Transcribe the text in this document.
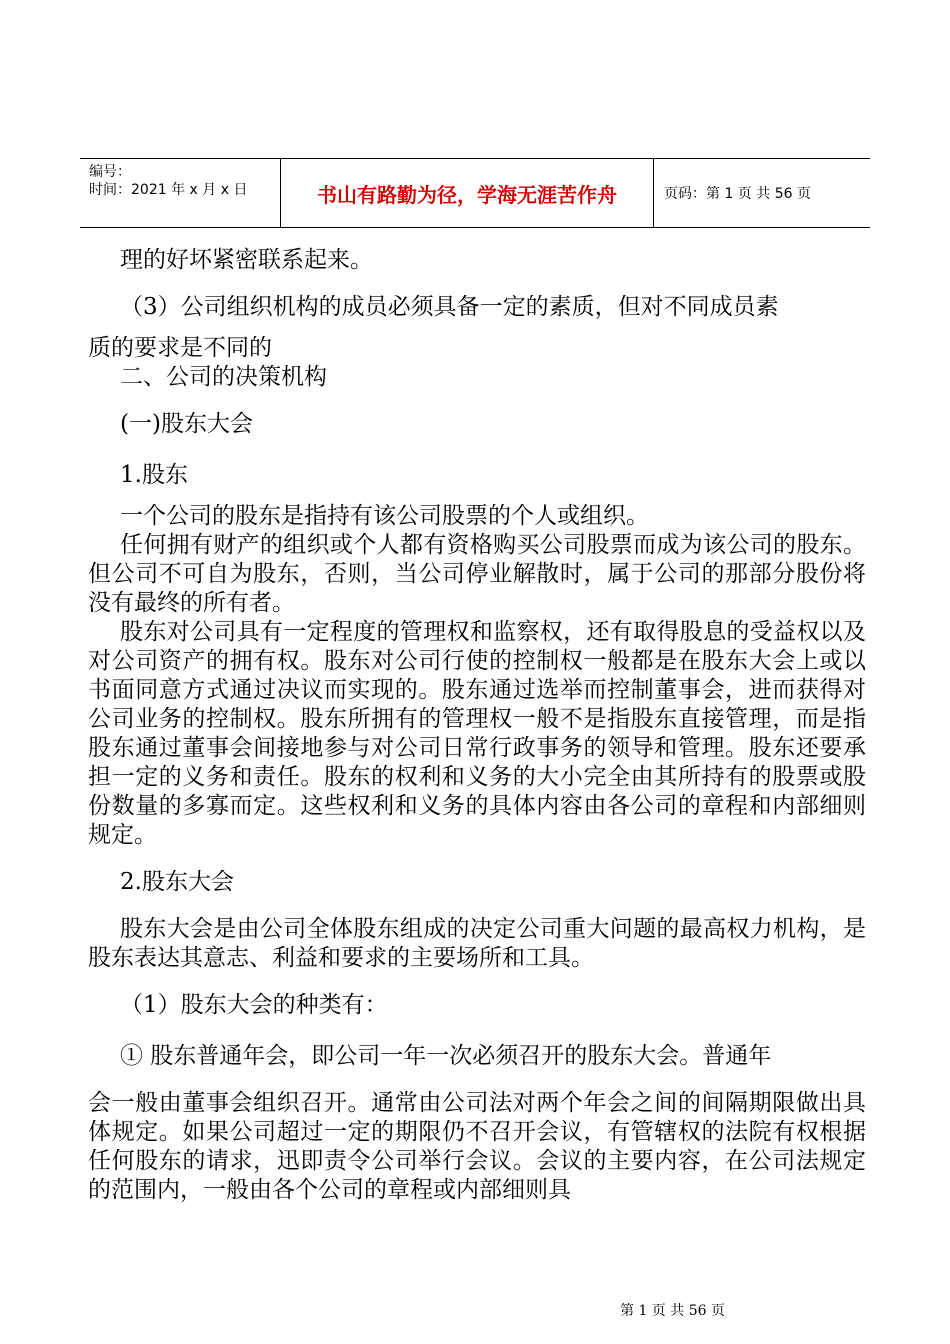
编号：
时间：2021 年 x 月 x 日	书山有路勤为径，学海无涯苦作舟	页码：第 1 页 共 56 页

理的好坏紧密联系起来。

（3）公司组织机构的成员必须具备一定的素质，但对不同成员素

质的要求是不同的

二、公司的决策机构

(一)股东大会

1.股东

一个公司的股东是指持有该公司股票的个人或组织。

任何拥有财产的组织或个人都有资格购买公司股票而成为该公司的股东。但公司不可自为股东，否则，当公司停业解散时，属于公司的那部分股份将没有最终的所有者。

股东对公司具有一定程度的管理权和监察权，还有取得股息的受益权以及对公司资产的拥有权。股东对公司行使的控制权一般都是在股东大会上或以书面同意方式通过决议而实现的。股东通过选举而控制董事会，进而获得对公司业务的控制权。股东所拥有的管理权一般不是指股东直接管理，而是指股东通过董事会间接地参与对公司日常行政事务的领导和管理。股东还要承担一定的义务和责任。股东的权利和义务的大小完全由其所持有的股票或股份数量的多寡而定。这些权利和义务的具体内容由各公司的章程和内部细则规定。

2.股东大会

股东大会是由公司全体股东组成的决定公司重大问题的最高权力机构，是股东表达其意志、利益和要求的主要场所和工具。

（1）股东大会的种类有：

① 股东普通年会，即公司一年一次必须召开的股东大会。普通年

会一般由董事会组织召开。通常由公司法对两个年会之间的间隔期限做出具体规定。如果公司超过一定的期限仍不召开会议，有管辖权的法院有权根据任何股东的请求，迅即责令公司举行会议。会议的主要内容，在公司法规定的范围内，一般由各个公司的章程或内部细则具

第 1 页 共 56 页
